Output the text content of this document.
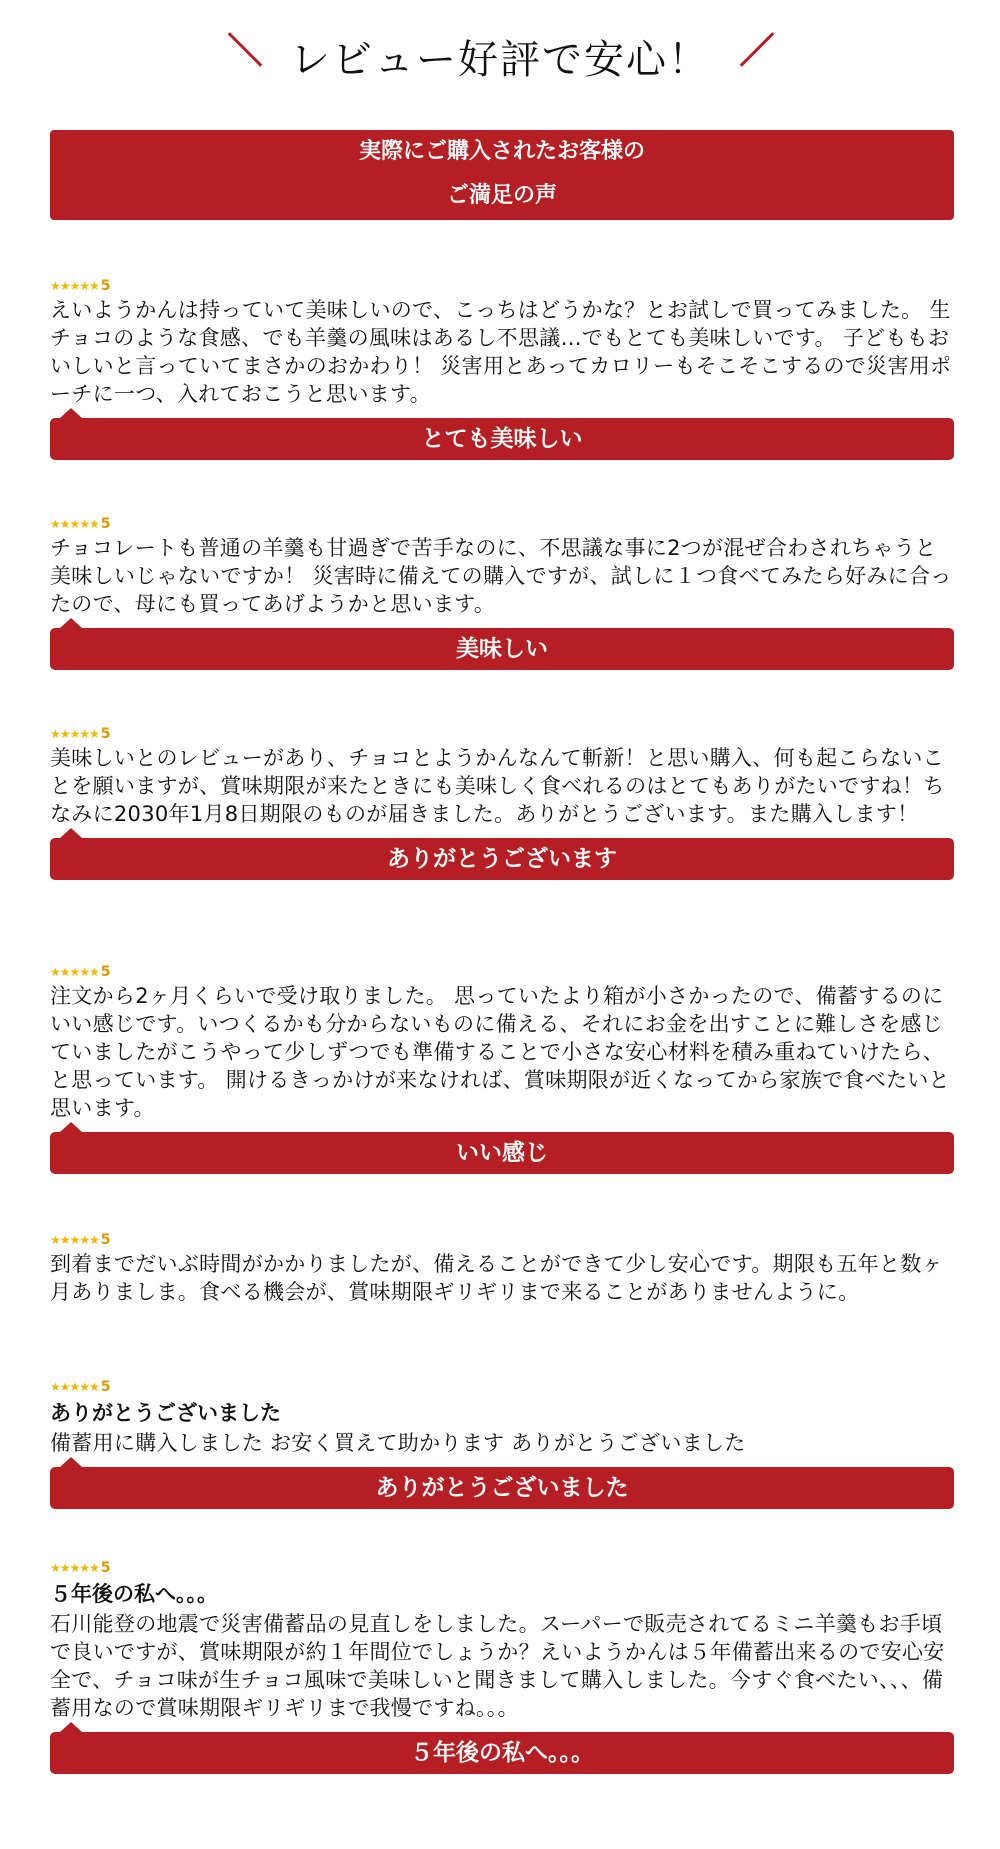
レビュー好評で安心！
実際にご購入されたお客様の
ご満足の声
★★★★★ 5
えいようかんは持っていて美味しいので、こっちはどうかな？とお試しで買ってみました。 生チョコのような食感、でも羊羹の風味はあるし不思議…でもとても美味しいです。 子どももおいしいと言っていてまさかのおかわり！ 災害用とあってカロリーもそこそこするので災害用ポーチに一つ、入れておこうと思います。
とても美味しい
★★★★★ 5
チョコレートも普通の羊羹も甘過ぎで苦手なのに、不思議な事に2つが混ぜ合わされちゃうと美味しいじゃないですか！ 災害時に備えての購入ですが、試しに１つ食べてみたら好みに合ったので、母にも買ってあげようかと思います。
美味しい
★★★★★ 5
美味しいとのレビューがあり、チョコとようかんなんて斬新！と思い購入、何も起こらないことを願いますが、賞味期限が来たときにも美味しく食べれるのはとてもありがたいですね！ちなみに2030年1月8日期限のものが届きました。ありがとうございます。また購入します！
ありがとうございます
★★★★★ 5
注文から2ヶ月くらいで受け取りました。 思っていたより箱が小さかったので、備蓄するのにいい感じです。いつくるかも分からないものに備える、それにお金を出すことに難しさを感じていましたがこうやって少しずつでも準備することで小さな安心材料を積み重ねていけたら、と思っています。 開けるきっかけが来なければ、賞味期限が近くなってから家族で食べたいと思います。
いい感じ
★★★★★ 5
到着までだいぶ時間がかかりましたが、備えることができて少し安心です。期限も五年と数ヶ月ありましま。食べる機会が、賞味期限ギリギリまで来ることがありませんように。
★★★★★ 5
ありがとうございました
備蓄用に購入しました お安く買えて助かります ありがとうございました
ありがとうございました
★★★★★ 5
５年後の私へ。。。
石川能登の地震で災害備蓄品の見直しをしました。スーパーで販売されてるミニ羊羹もお手頃で良いですが、賞味期限が約１年間位でしょうか？えいようかんは５年備蓄出来るので安心安全で、チョコ味が生チョコ風味で美味しいと聞きまして購入しました。今すぐ食べたい、、、備蓄用なので賞味期限ギリギリまで我慢ですね。。。
５年後の私へ。。。
